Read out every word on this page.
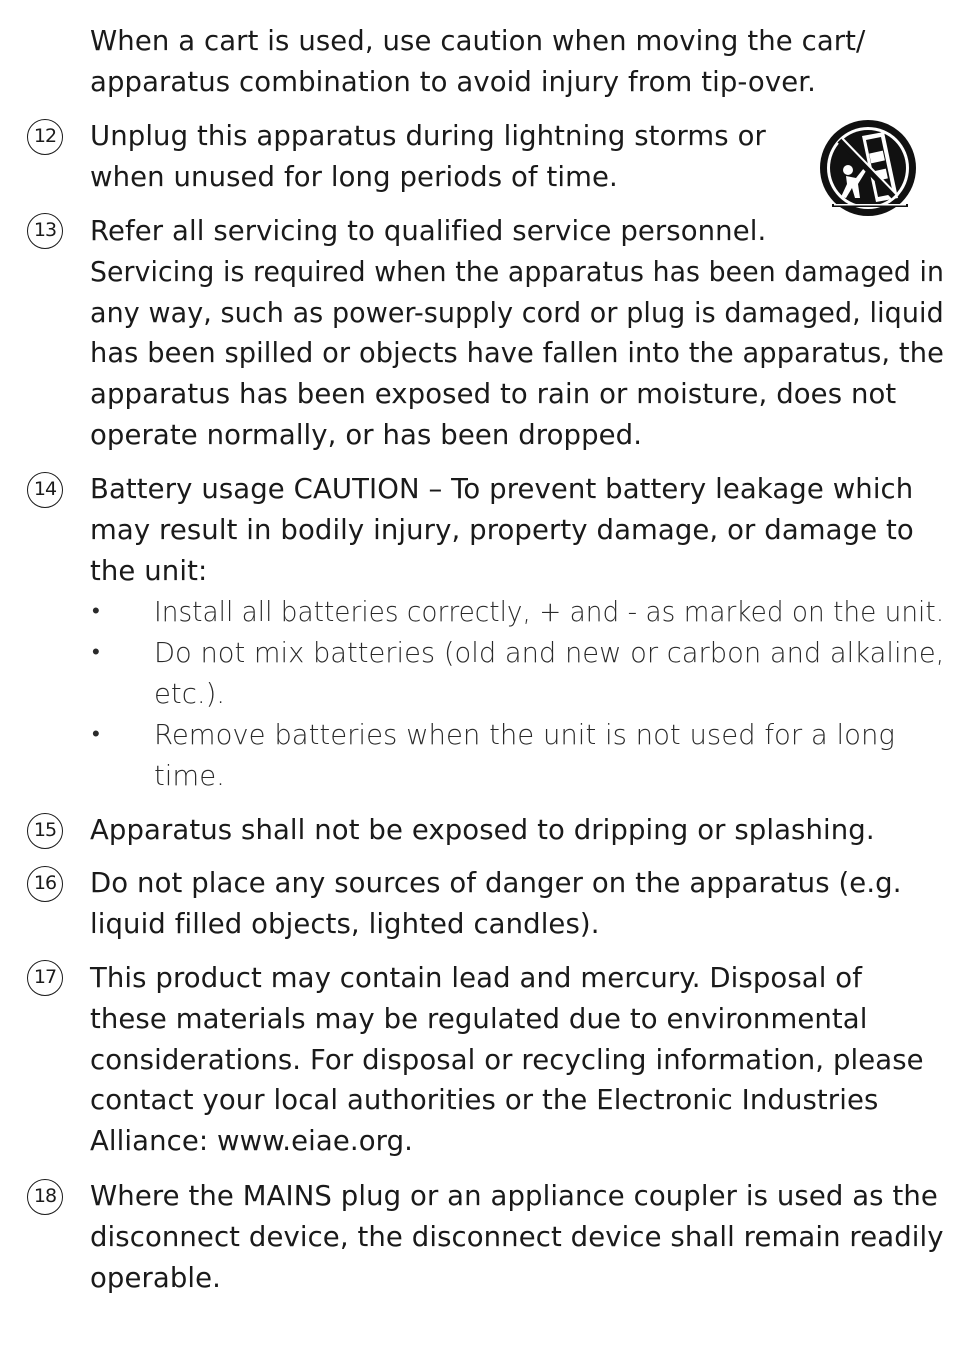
When a cart is used, use caution when moving the cart/
apparatus combination to avoid injury from tip-over.

12 Unplug this apparatus during lightning storms or
when unused for long periods of time.

13 Refer all servicing to qualified service personnel.
Servicing is required when the apparatus has been damaged in
any way, such as power-supply cord or plug is damaged, liquid
has been spilled or objects have fallen into the apparatus, the
apparatus has been exposed to rain or moisture, does not
operate normally, or has been dropped.

14 Battery usage CAUTION – To prevent battery leakage which
may result in bodily injury, property damage, or damage to
the unit:

• Install all batteries correctly, + and - as marked on the unit.
• Do not mix batteries (old and new or carbon and alkaline,
etc.).
• Remove batteries when the unit is not used for a long
time.
15 Apparatus shall not be exposed to dripping or splashing.

16 Do not place any sources of danger on the apparatus (e.g.
liquid filled objects, lighted candles).

17 This product may contain lead and mercury. Disposal of
these materials may be regulated due to environmental
considerations. For disposal or recycling information, please
contact your local authorities or the Electronic Industries
Alliance: www.eiae.org.

18 Where the MAINS plug or an appliance coupler is used as the
disconnect device, the disconnect device shall remain readily
operable.
